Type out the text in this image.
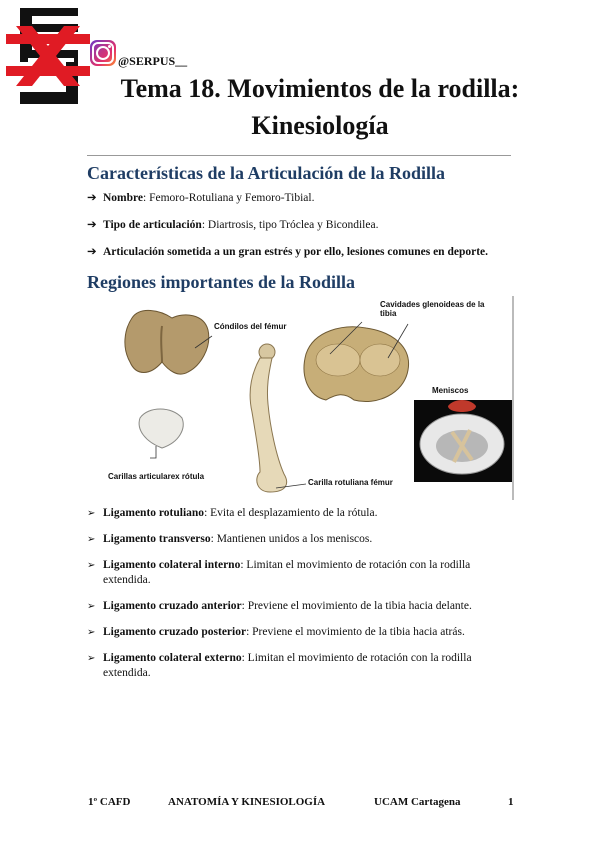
@SERPUS__
Tema 18. Movimientos de la rodilla:
Kinesiología
Características de la Articulación de la Rodilla
➔ Nombre: Femoro-Rotuliana y Femoro-Tibial.
➔ Tipo de articulación: Diartrosis, tipo Tróclea y Bicondilea.
➔ Articulación sometida a un gran estrés y por ello, lesiones comunes en deporte.
Regiones importantes de la Rodilla
Cóndilos del fémur
Cavidades glenoideas de la tibia
Meniscos
Carillas articularex rótula
Carilla rotuliana fémur
➢ Ligamento rotuliano: Evita el desplazamiento de la rótula.
➢ Ligamento transverso: Mantienen unidos a los meniscos.
➢ Ligamento colateral interno: Limitan el movimiento de rotación con la rodilla extendida.
➢ Ligamento cruzado anterior: Previene el movimiento de la tibia hacia delante.
➢ Ligamento cruzado posterior: Previene el movimiento de la tibia hacia atrás.
➢ Ligamento colateral externo: Limitan el movimiento de rotación con la rodilla extendida.
1º CAFD	ANATOMÍA Y KINESIOLOGÍA	UCAM Cartagena	1
